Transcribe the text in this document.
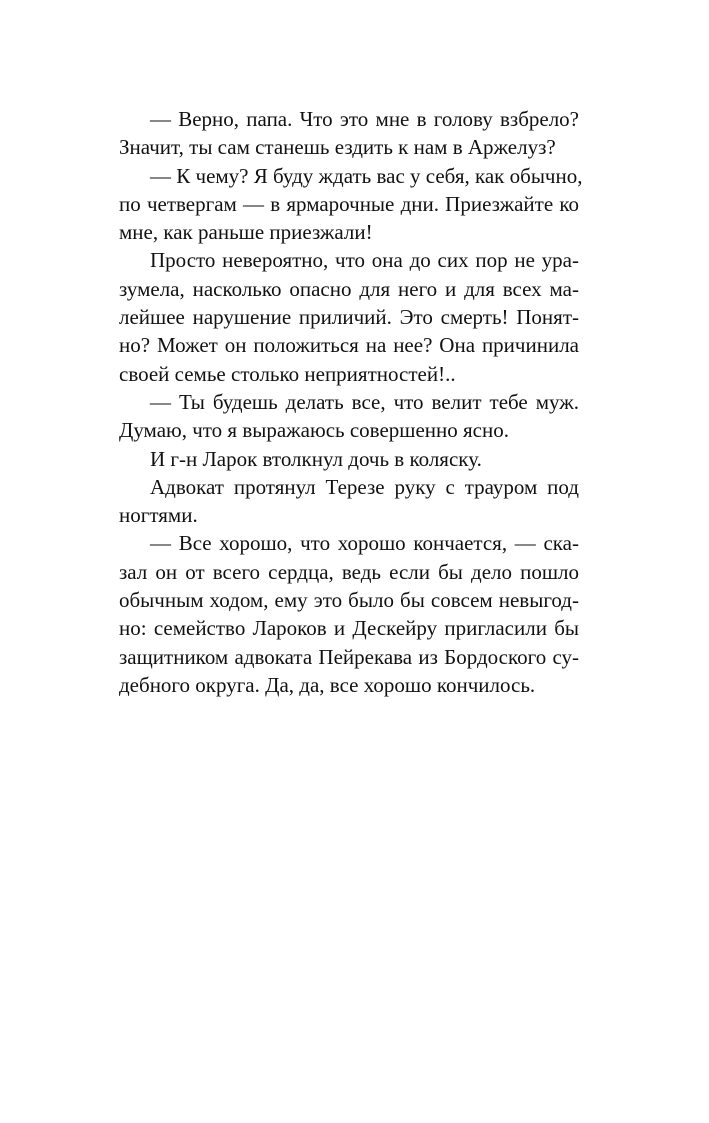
— Верно, папа. Что это мне в голову взбрело?
Значит, ты сам станешь ездить к нам в Аржелуз?
— К чему? Я буду ждать вас у себя, как обычно,
по четвергам — в ярмарочные дни. Приезжайте ко
мне, как раньше приезжали!
Просто невероятно, что она до сих пор не ура-
зумела, насколько опасно для него и для всех ма-
лейшее нарушение приличий. Это смерть! Понят-
но? Может он положиться на нее? Она причинила
своей семье столько неприятностей!..
— Ты будешь делать все, что велит тебе муж.
Думаю, что я выражаюсь совершенно ясно.
И г-н Ларок втолкнул дочь в коляску.
Адвокат протянул Терезе руку с трауром под
ногтями.
— Все хорошо, что хорошо кончается, — ска-
зал он от всего сердца, ведь если бы дело пошло
обычным ходом, ему это было бы совсем невыгод-
но: семейство Лароков и Дескейру пригласили бы
защитником адвоката Пейрекава из Бордоского су-
дебного округа. Да, да, все хорошо кончилось.
